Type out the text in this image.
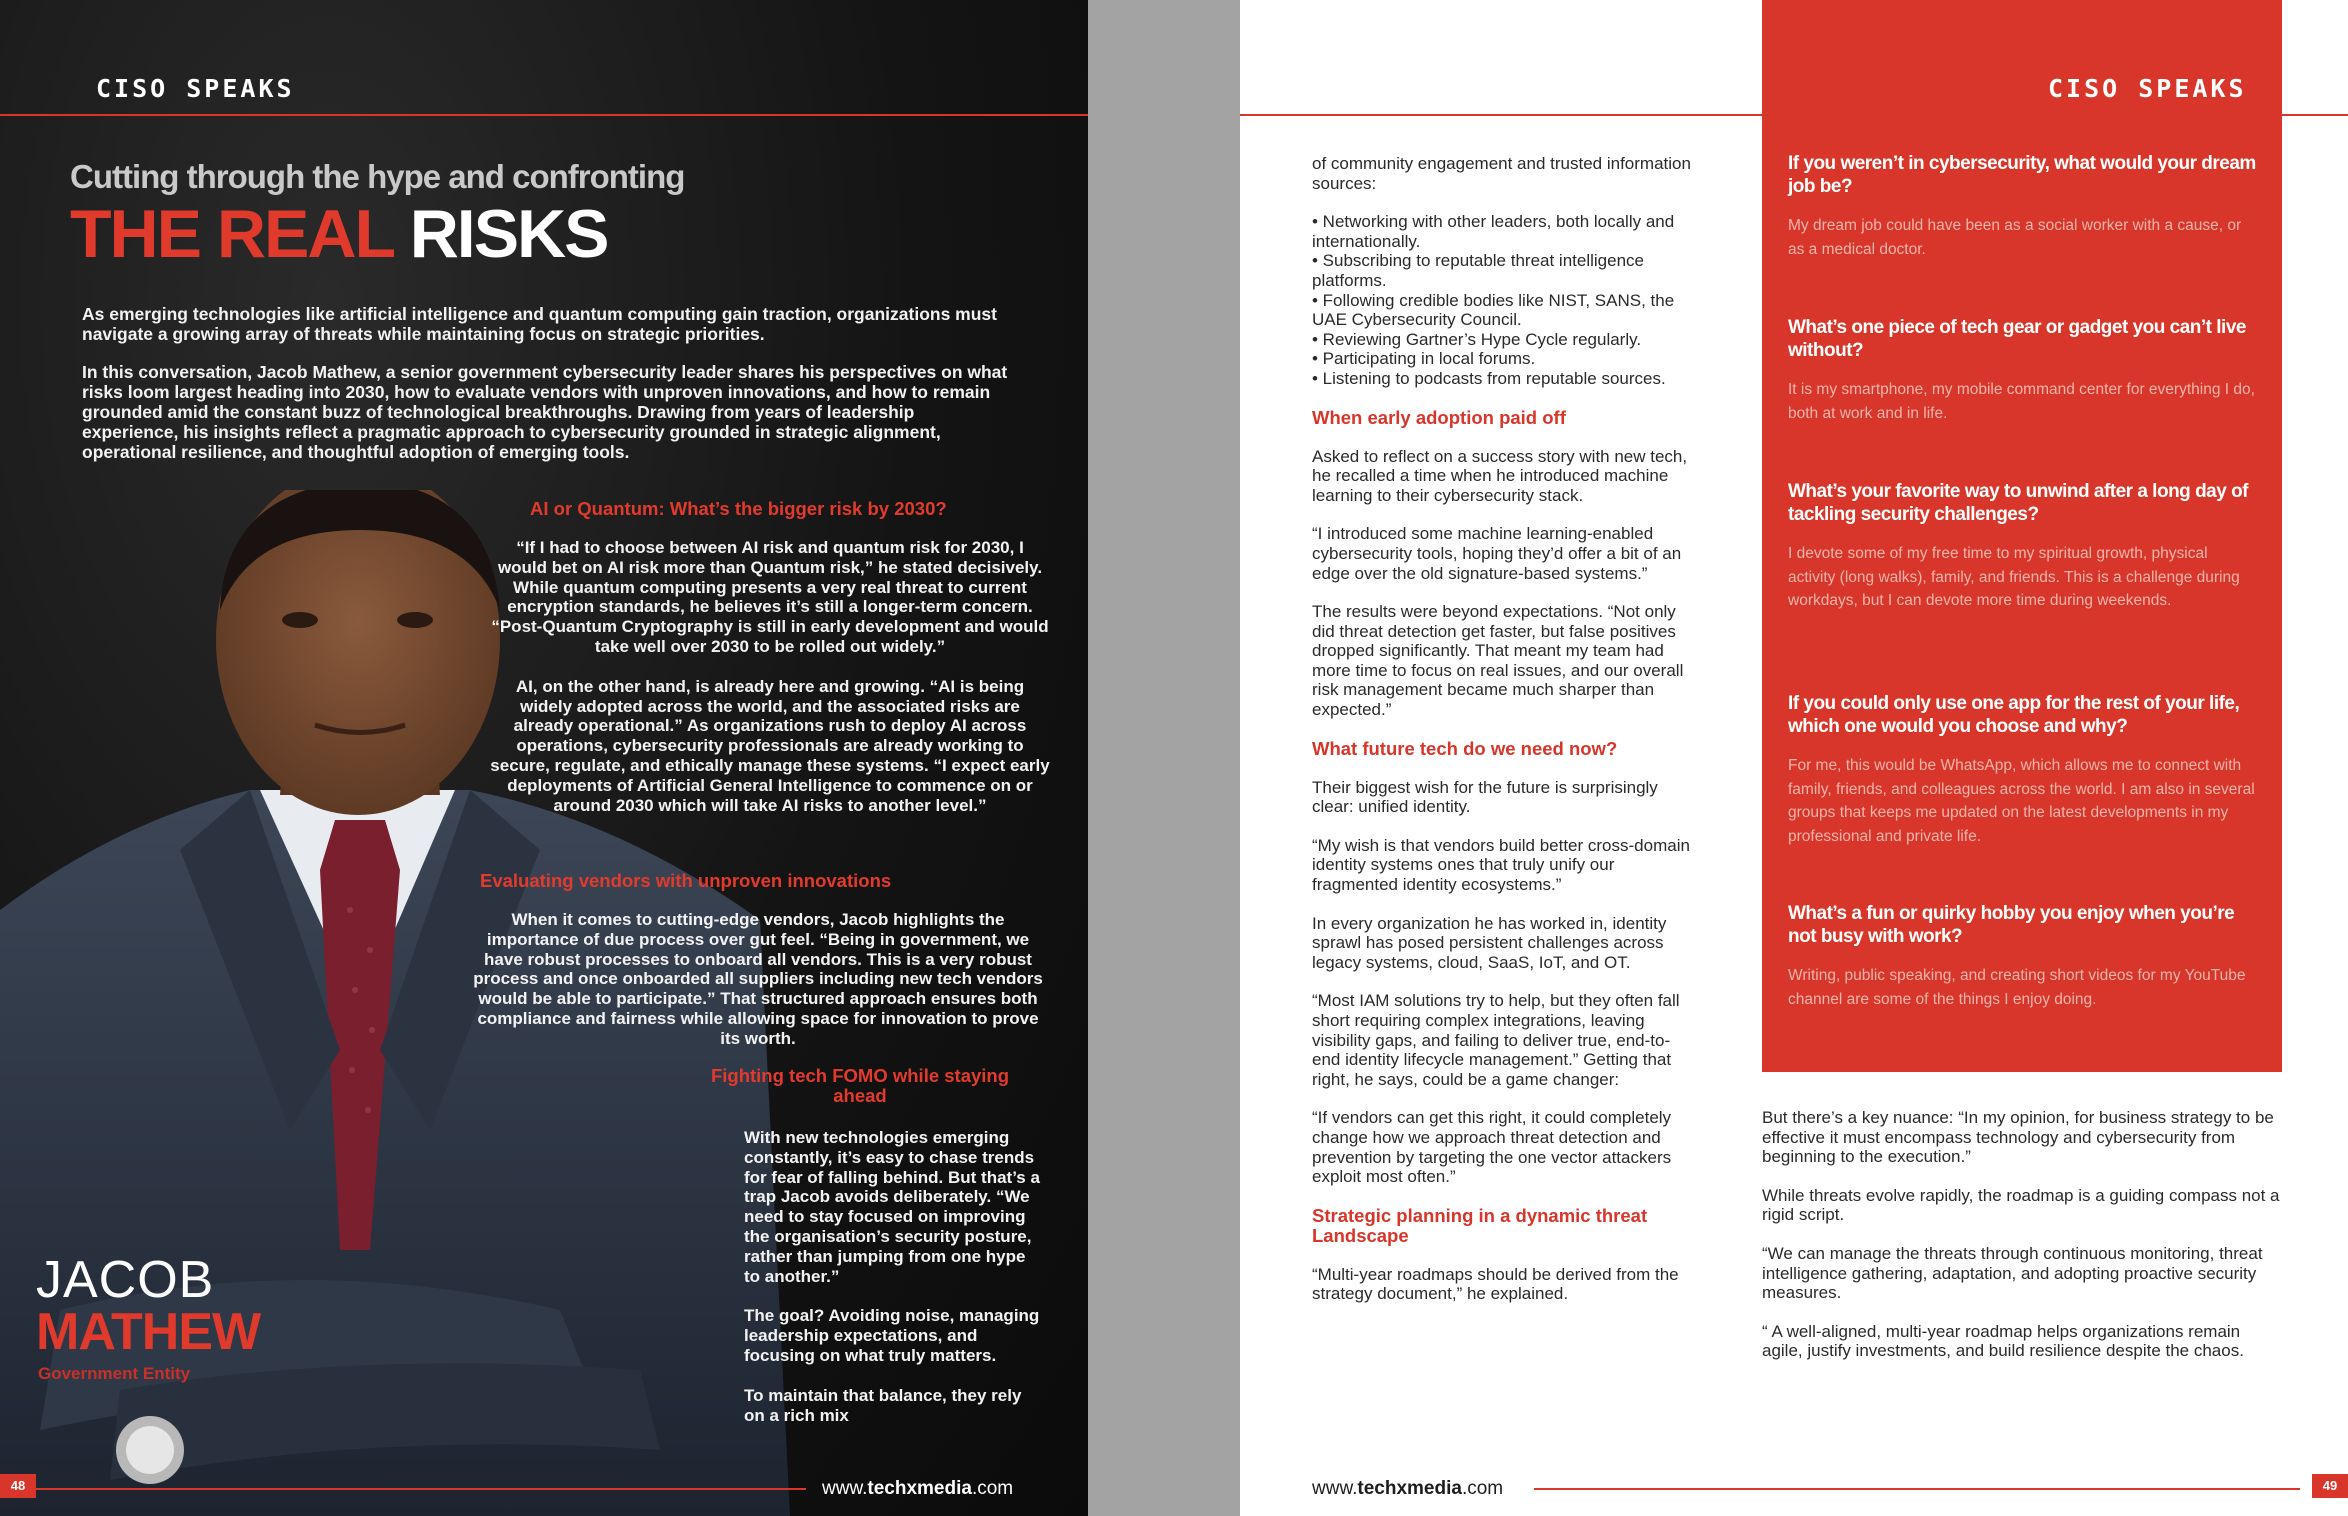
CISO SPEAKS
Cutting through the hype and confronting
THE REAL RISKS
As emerging technologies like artificial intelligence and quantum computing gain traction, organizations must navigate a growing array of threats while maintaining focus on strategic priorities.
In this conversation, Jacob Mathew, a senior government cybersecurity leader shares his perspectives on what risks loom largest heading into 2030, how to evaluate vendors with unproven innovations, and how to remain grounded amid the constant buzz of technological breakthroughs. Drawing from years of leadership experience, his insights reflect a pragmatic approach to cybersecurity grounded in strategic alignment, operational resilience, and thoughtful adoption of emerging tools.
AI or Quantum: What’s the bigger risk by 2030?

“If I had to choose between AI risk and quantum risk for 2030, I would bet on AI risk more than Quantum risk,” he stated decisively. While quantum computing presents a very real threat to current encryption standards, he believes it’s still a longer-term concern. “Post-Quantum Cryptography is still in early development and would take well over 2030 to be rolled out widely.”

AI, on the other hand, is already here and growing. “AI is being widely adopted across the world, and the associated risks are already operational.” As organizations rush to deploy AI across operations, cybersecurity professionals are already working to secure, regulate, and ethically manage these systems. “I expect early deployments of Artificial General Intelligence to commence on or around 2030 which will take AI risks to another level.”

Evaluating vendors with unproven innovations
When it comes to cutting-edge vendors, Jacob highlights the importance of due process over gut feel. “Being in government, we have robust processes to onboard all vendors. This is a very robust process and once onboarded all suppliers including new tech vendors would be able to participate.” That structured approach ensures both compliance and fairness while allowing space for innovation to prove its worth.
Fighting tech FOMO while staying ahead

With new technologies emerging constantly, it’s easy to chase trends for fear of falling behind. But that’s a trap Jacob avoids deliberately. “We need to stay focused on improving the organisation’s security posture, rather than jumping from one hype to another.”

The goal? Avoiding noise, managing leadership expectations, and focusing on what truly matters.

To maintain that balance, they rely on a rich mix

JACOB
MATHEW
Government Entity
48	www.techxmedia.com
CISO SPEAKS

of community engagement and trusted information sources:

• Networking with other leaders, both locally and internationally.
• Subscribing to reputable threat intelligence platforms.
• Following credible bodies like NIST, SANS, the UAE Cybersecurity Council.
• Reviewing Gartner’s Hype Cycle regularly.
• Participating in local forums.
• Listening to podcasts from reputable sources.
When early adoption paid off

Asked to reflect on a success story with new tech, he recalled a time when he introduced machine learning to their cybersecurity stack.

“I introduced some machine learning-enabled cybersecurity tools, hoping they’d offer a bit of an edge over the old signature-based systems.”

The results were beyond expectations. “Not only did threat detection get faster, but false positives dropped significantly. That meant my team had more time to focus on real issues, and our overall risk management became much sharper than expected.”

What future tech do we need now?

Their biggest wish for the future is surprisingly clear: unified identity.

“My wish is that vendors build better cross-domain identity systems ones that truly unify our fragmented identity ecosystems.”

In every organization he has worked in, identity sprawl has posed persistent challenges across legacy systems, cloud, SaaS, IoT, and OT.

“Most IAM solutions try to help, but they often fall short requiring complex integrations, leaving visibility gaps, and failing to deliver true, end-to-end identity lifecycle management.” Getting that right, he says, could be a game changer:

“If vendors can get this right, it could completely change how we approach threat detection and prevention by targeting the one vector attackers exploit most often.”

Strategic planning in a dynamic threat Landscape

“Multi-year roadmaps should be derived from the strategy document,” he explained.

If you weren’t in cybersecurity, what would your dream job be?
My dream job could have been as a social worker with a cause, or as a medical doctor.
What’s one piece of tech gear or gadget you can’t live without?
It is my smartphone, my mobile command center for everything I do, both at work and in life.
What’s your favorite way to unwind after a long day of tackling security challenges?
I devote some of my free time to my spiritual growth, physical activity (long walks), family, and friends. This is a challenge during workdays, but I can devote more time during weekends.
If you could only use one app for the rest of your life, which one would you choose and why?
For me, this would be WhatsApp, which allows me to connect with family, friends, and colleagues across the world. I am also in several groups that keeps me updated on the latest developments in my professional and private life.
What’s a fun or quirky hobby you enjoy when you’re not busy with work?
Writing, public speaking, and creating short videos for my YouTube channel are some of the things I enjoy doing.

But there’s a key nuance: “In my opinion, for business strategy to be effective it must encompass technology and cybersecurity from beginning to the execution.”

While threats evolve rapidly, the roadmap is a guiding compass not a rigid script.

“We can manage the threats through continuous monitoring, threat intelligence gathering, adaptation, and adopting proactive security measures.

“ A well-aligned, multi-year roadmap helps organizations remain agile, justify investments, and build resilience despite the chaos.

www.techxmedia.com	49
